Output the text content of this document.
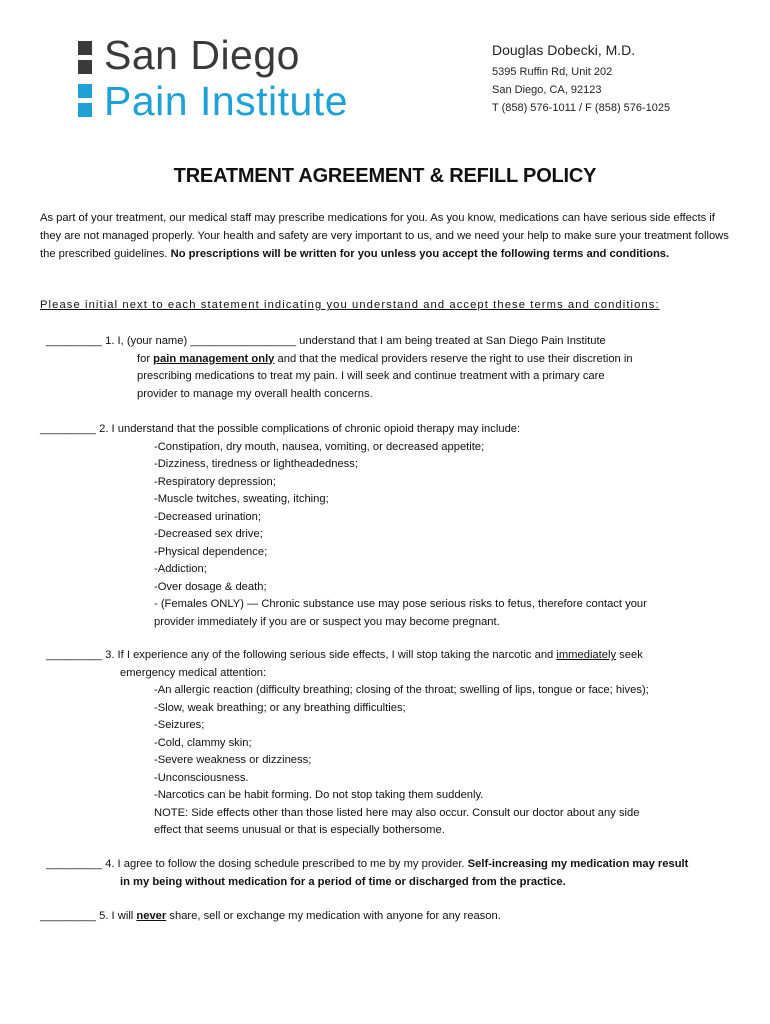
San Diego
Pain Institute
Douglas Dobecki, M.D.
5395 Ruffin Rd, Unit 202
San Diego, CA, 92123
T (858) 576-1011 / F (858) 576-1025
TREATMENT AGREEMENT & REFILL POLICY
As part of your treatment, our medical staff may prescribe medications for you. As you know, medications can have serious side effects if they are not managed properly. Your health and safety are very important to us, and we need your help to make sure your treatment follows the prescribed guidelines. No prescriptions will be written for you unless you accept the following terms and conditions.
Please initial next to each statement indicating you understand and accept these terms and conditions:
_________ 1. I, (your name) _________________ understand that I am being treated at San Diego Pain Institute
for pain management only and that the medical providers reserve the right to use their discretion in
prescribing medications to treat my pain. I will seek and continue treatment with a primary care
provider to manage my overall health concerns.
_________ 2. I understand that the possible complications of chronic opioid therapy may include:
-Constipation, dry mouth, nausea, vomiting, or decreased appetite;
-Dizziness, tiredness or lightheadedness;
-Respiratory depression;
-Muscle twitches, sweating, itching;
-Decreased urination;
-Decreased sex drive;
-Physical dependence;
-Addiction;
-Over dosage & death;
- (Females ONLY) — Chronic substance use may pose serious risks to fetus, therefore contact your
provider immediately if you are or suspect you may become pregnant.
_________ 3. If I experience any of the following serious side effects, I will stop taking the narcotic and immediately seek
emergency medical attention:
-An allergic reaction (difficulty breathing; closing of the throat; swelling of lips, tongue or face; hives);
-Slow, weak breathing; or any breathing difficulties;
-Seizures;
-Cold, clammy skin;
-Severe weakness or dizziness;
-Unconsciousness.
-Narcotics can be habit forming. Do not stop taking them suddenly.
NOTE: Side effects other than those listed here may also occur. Consult our doctor about any side
effect that seems unusual or that is especially bothersome.
_________ 4. I agree to follow the dosing schedule prescribed to me by my provider. Self-increasing my medication may result
in my being without medication for a period of time or discharged from the practice.
_________ 5. I will never share, sell or exchange my medication with anyone for any reason.
